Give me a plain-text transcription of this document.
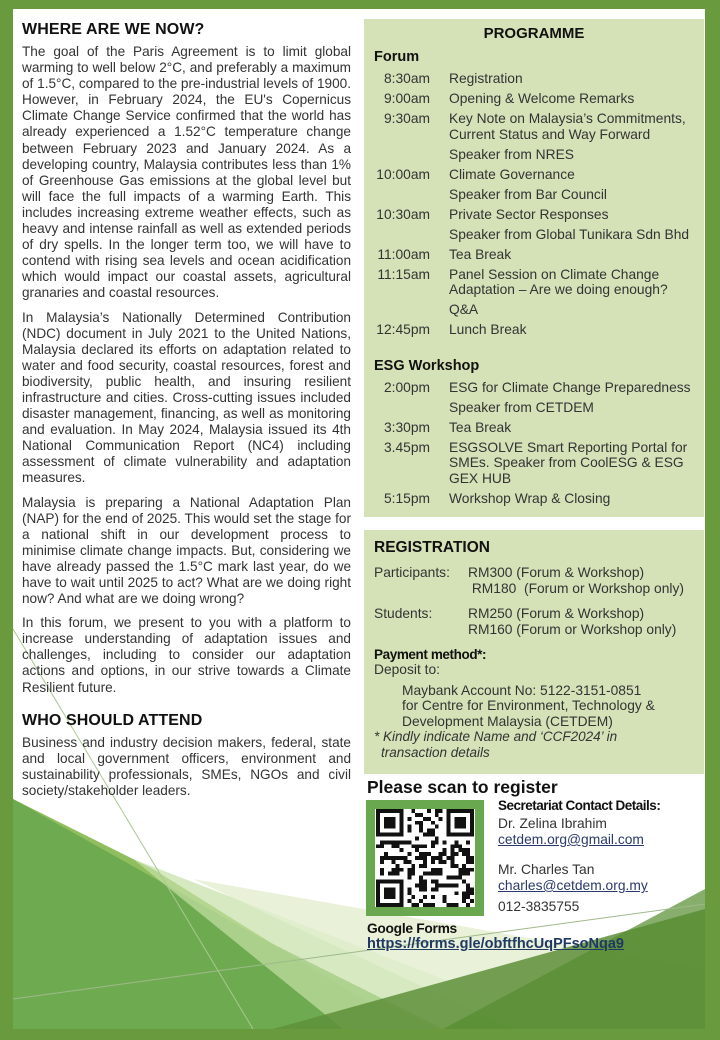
WHERE ARE WE NOW?

The goal of the Paris Agreement is to limit global warming to well below 2°C, and preferably a maximum of 1.5°C, compared to the pre-industrial levels of 1900. However, in February 2024, the EU's Copernicus Climate Change Service confirmed that the world has already experienced a 1.52°C temperature change between February 2023 and January 2024. As a developing country, Malaysia contributes less than 1% of Greenhouse Gas emissions at the global level but will face the full impacts of a warming Earth. This includes increasing extreme weather effects, such as heavy and intense rainfall as well as extended periods of dry spells. In the longer term too, we will have to contend with rising sea levels and ocean acidification which would impact our coastal assets, agricultural granaries and coastal resources.

In Malaysia’s Nationally Determined Contribution (NDC) document in July 2021 to the United Nations, Malaysia declared its efforts on adaptation related to water and food security, coastal resources, forest and biodiversity, public health, and insuring resilient infrastructure and cities. Cross-cutting issues included disaster management, financing, as well as monitoring and evaluation. In May 2024, Malaysia issued its 4th National Communication Report (NC4) including assessment of climate vulnerability and adaptation measures.

Malaysia is preparing a National Adaptation Plan (NAP) for the end of 2025. This would set the stage for a national shift in our development process to minimise climate change impacts. But, considering we have already passed the 1.5°C mark last year, do we have to wait until 2025 to act? What are we doing right now? And what are we doing wrong?

In this forum, we present to you with a platform to increase understanding of adaptation issues and challenges, including to consider our adaptation actions and options, in our strive towards a Climate Resilient future.

WHO SHOULD ATTEND

Business and industry decision makers, federal, state and local government officers, environment and sustainability professionals, SMEs, NGOs and civil society/stakeholder leaders.

PROGRAMME
Forum
8:30am Registration
9:00am Opening & Welcome Remarks
9:30am Key Note on Malaysia’s Commitments, Current Status and Way Forward
Speaker from NRES
10:00am Climate Governance
Speaker from Bar Council
10:30am Private Sector Responses
Speaker from Global Tunikara Sdn Bhd
11:00am Tea Break
11:15am Panel Session on Climate Change Adaptation – Are we doing enough?
Q&A
12:45pm Lunch Break
ESG Workshop
2:00pm ESG for Climate Change Preparedness
Speaker from CETDEM
3:30pm Tea Break
3.45pm ESGSOLVE Smart Reporting Portal for SMEs. Speaker from CoolESG & ESG GEX HUB
5:15pm Workshop Wrap & Closing
REGISTRATION
Participants:	RM300 (Forum & Workshop)
RM180  (Forum or Workshop only)
Students:	RM250 (Forum & Workshop)
RM160 (Forum or Workshop only)
Payment method*:
Deposit to:
Maybank Account No: 5122-3151-0851
for Centre for Environment, Technology &
Development Malaysia (CETDEM)
* Kindly indicate Name and ‘CCF2024’ in
transaction details
Please scan to register
Secretariat Contact Details:
Dr. Zelina Ibrahim
cetdem.org@gmail.com
Mr. Charles Tan
charles@cetdem.org.my
012-3835755
Google Forms
https://forms.gle/obftfhcUqPFsoNqa9
